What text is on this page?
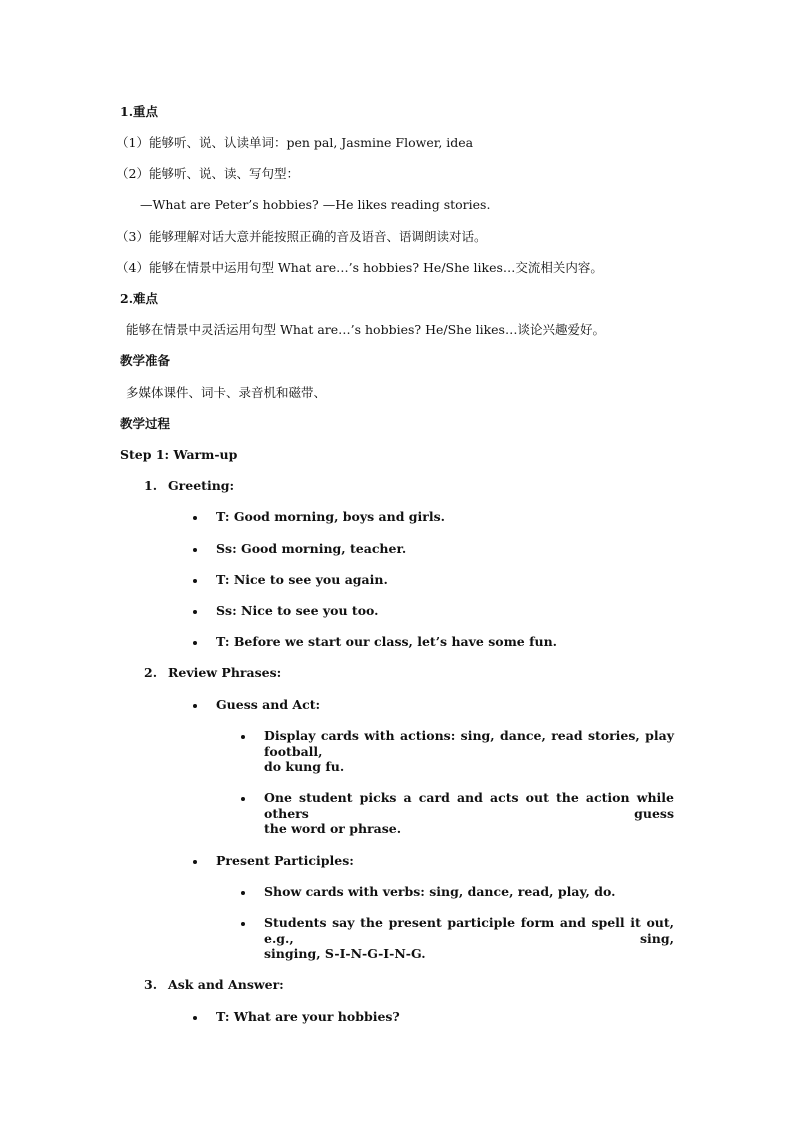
1.重点
（1）能够听、说、认读单词：pen pal, Jasmine Flower, idea
（2）能够听、说、读、写句型：
—What are Peter’s hobbies? —He likes reading stories.
（3）能够理解对话大意并能按照正确的音及语音、语调朗读对话。
（4）能够在情景中运用句型 What are…’s hobbies? He/She likes…交流相关内容。
2.难点
能够在情景中灵活运用句型 What are…’s hobbies? He/She likes…谈论兴趣爱好。
教学准备
多媒体课件、词卡、录音机和磁带、
教学过程
Step 1: Warm-up
1. Greeting:
T: Good morning, boys and girls.
Ss: Good morning, teacher.
T: Nice to see you again.
Ss: Nice to see you too.
T: Before we start our class, let’s have some fun.
2. Review Phrases:
Guess and Act:
Display cards with actions: sing, dance, read stories, play football,
do kung fu.
One student picks a card and acts out the action while others guess
the word or phrase.
Present Participles:
Show cards with verbs: sing, dance, read, play, do.
Students say the present participle form and spell it out, e.g., sing,
singing, S-I-N-G-I-N-G.
3. Ask and Answer:
T: What are your hobbies?
